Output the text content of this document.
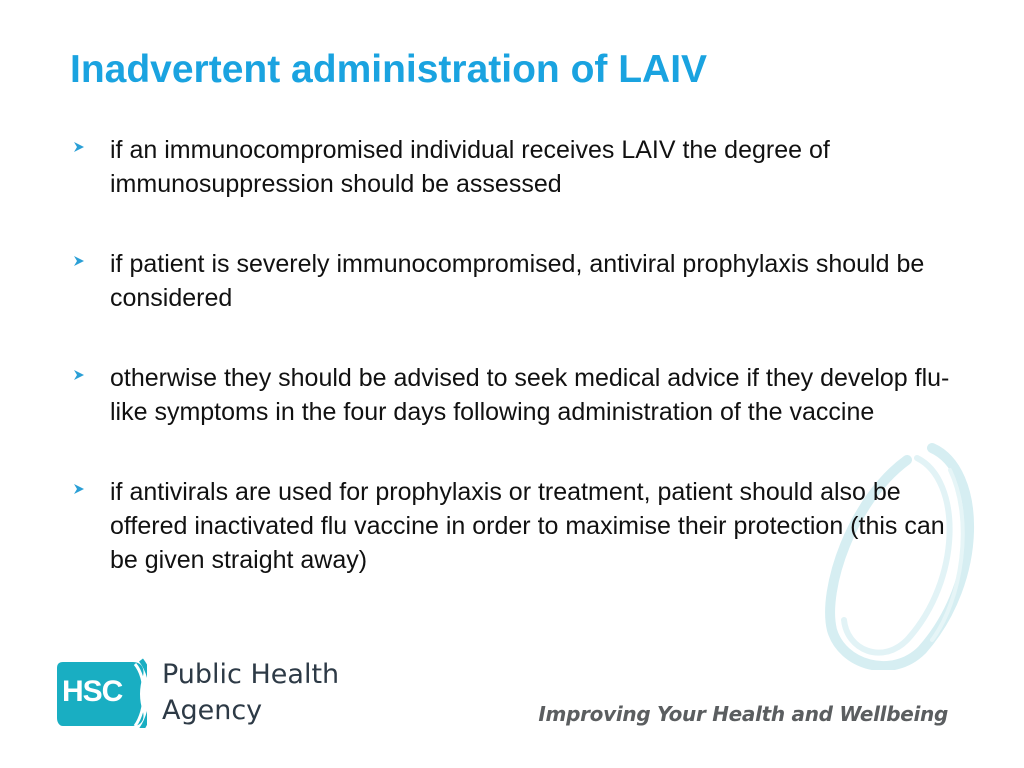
Inadvertent administration of LAIV
if an immunocompromised individual receives LAIV the degree of immunosuppression should be assessed
if patient is severely immunocompromised, antiviral prophylaxis should be considered
otherwise they should be advised to seek medical advice if they develop flu-like symptoms in the four days following administration of the vaccine
if antivirals are used for prophylaxis or treatment, patient should also be offered inactivated flu vaccine in order to maximise their protection (this can be given straight away)
HSC
Public Health
Agency	Improving Your Health and Wellbeing
